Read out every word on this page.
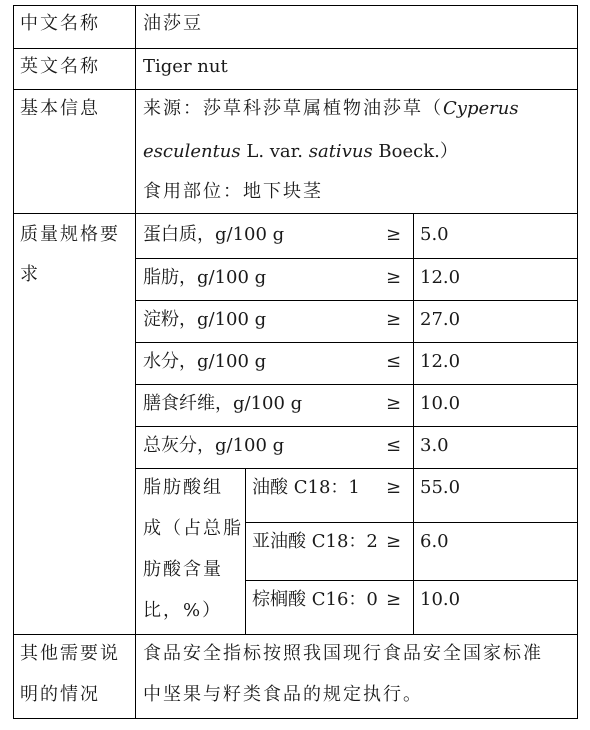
中文名称 油莎豆
英文名称 Tiger nut
基本信息 来源：莎草科莎草属植物油莎草（Cyperus
esculentus L. var. sativus Boeck.）
食用部位：地下块茎
质量规格要
求
蛋白质，g/100 g	≥ 5.0
脂肪，g/100 g	≥ 12.0
淀粉，g/100 g	≥ 27.0
水分，g/100 g	≤ 12.0
膳食纤维，g/100 g	≥ 10.0
总灰分，g/100 g	≤ 3.0
脂肪酸组
成（占总脂
肪酸含量
比，%）
油酸 C18：1 ≥ 55.0
亚油酸 C18：2 ≥ 6.0
棕榈酸 C16：0 ≥ 10.0
其他需要说
明的情况
食品安全指标按照我国现行食品安全国家标准
中坚果与籽类食品的规定执行。
